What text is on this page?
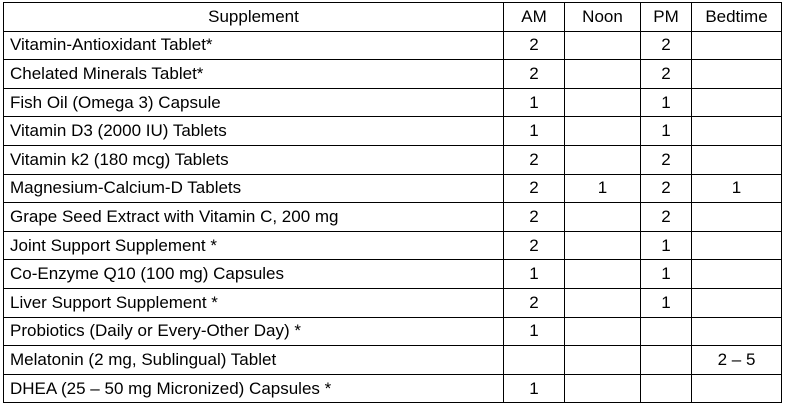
Supplement	AM	Noon	PM	Bedtime
Vitamin-Antioxidant Tablet*	2		2	
Chelated Minerals Tablet*	2		2	
Fish Oil (Omega 3) Capsule	1		1	
Vitamin D3 (2000 IU) Tablets	1		1	
Vitamin k2 (180 mcg) Tablets	2		2	
Magnesium-Calcium-D Tablets	2	1	2	1
Grape Seed Extract with Vitamin C, 200 mg	2		2	
Joint Support Supplement *	2		1	
Co-Enzyme Q10 (100 mg) Capsules	1		1	
Liver Support Supplement *	2		1	
Probiotics (Daily or Every-Other Day) *	1			
Melatonin (2 mg, Sublingual) Tablet				2 – 5
DHEA (25 – 50 mg Micronized) Capsules *	1			
